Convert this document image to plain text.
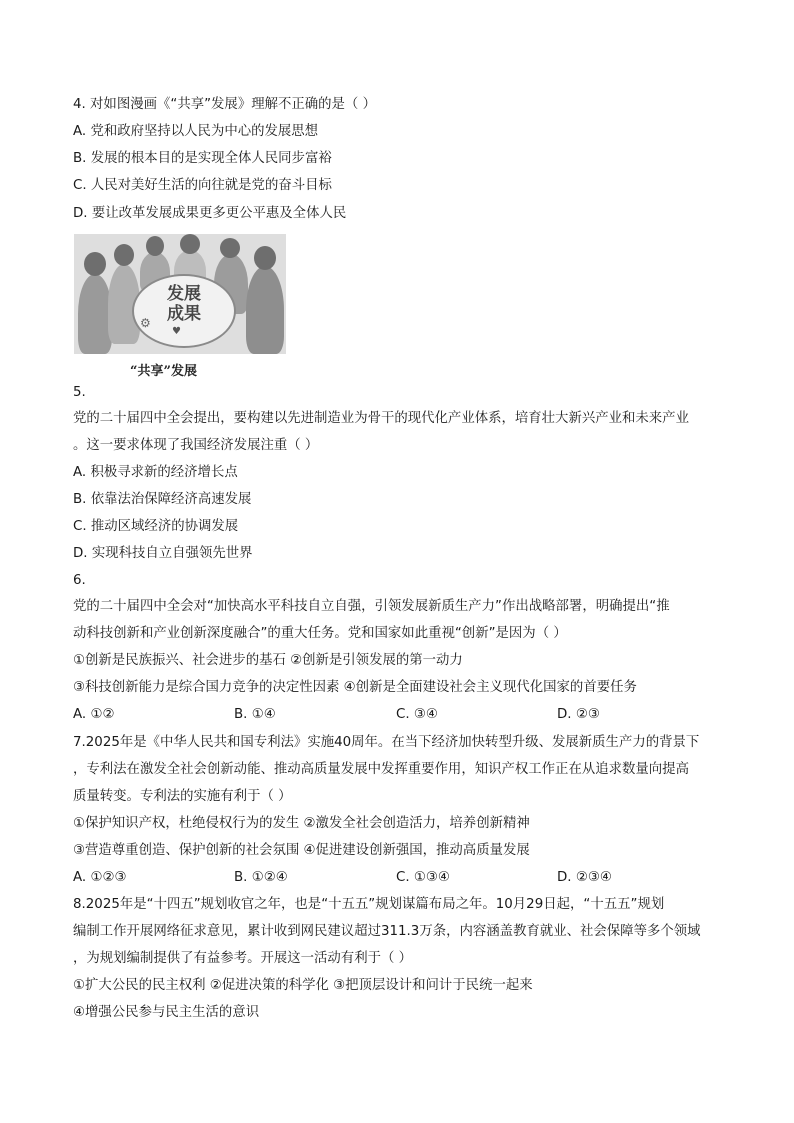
4. 对如图漫画《“共享”发展》理解不正确的是（ ）
A. 党和政府坚持以人民为中心的发展思想
B. 发展的根本目的是实现全体人民同步富裕
C. 人民对美好生活的向往就是党的奋斗目标
D. 要让改革发展成果更多更公平惠及全体人民
发展
成果
⚙
♥
“共享”发展
5.
党的二十届四中全会提出，要构建以先进制造业为骨干的现代化产业体系，培育壮大新兴产业和未来产业
。这一要求体现了我国经济发展注重（ ）
A. 积极寻求新的经济增长点
B. 依靠法治保障经济高速发展
C. 推动区域经济的协调发展
D. 实现科技自立自强领先世界
6.
党的二十届四中全会对“加快高水平科技自立自强，引领发展新质生产力”作出战略部署，明确提出“推
动科技创新和产业创新深度融合”的重大任务。党和国家如此重视“创新”是因为（ ）
①创新是民族振兴、社会进步的基石 ②创新是引领发展的第一动力
③科技创新能力是综合国力竞争的决定性因素 ④创新是全面建设社会主义现代化国家的首要任务
A. ①②	B. ①④	C. ③④	D. ②③
7.2025年是《中华人民共和国专利法》实施40周年。在当下经济加快转型升级、发展新质生产力的背景下
，专利法在激发全社会创新动能、推动高质量发展中发挥重要作用，知识产权工作正在从追求数量向提高
质量转变。专利法的实施有利于（ ）
①保护知识产权，杜绝侵权行为的发生 ②激发全社会创造活力，培养创新精神
③营造尊重创造、保护创新的社会氛围 ④促进建设创新强国，推动高质量发展
A. ①②③	B. ①②④	C. ①③④	D. ②③④
8.2025年是“十四五”规划收官之年，也是“十五五”规划谋篇布局之年。10月29日起，“十五五”规划
编制工作开展网络征求意见，累计收到网民建议超过311.3万条，内容涵盖教育就业、社会保障等多个领域
，为规划编制提供了有益参考。开展这一活动有利于（ ）
①扩大公民的民主权利 ②促进决策的科学化 ③把顶层设计和问计于民统一起来
④增强公民参与民主生活的意识
